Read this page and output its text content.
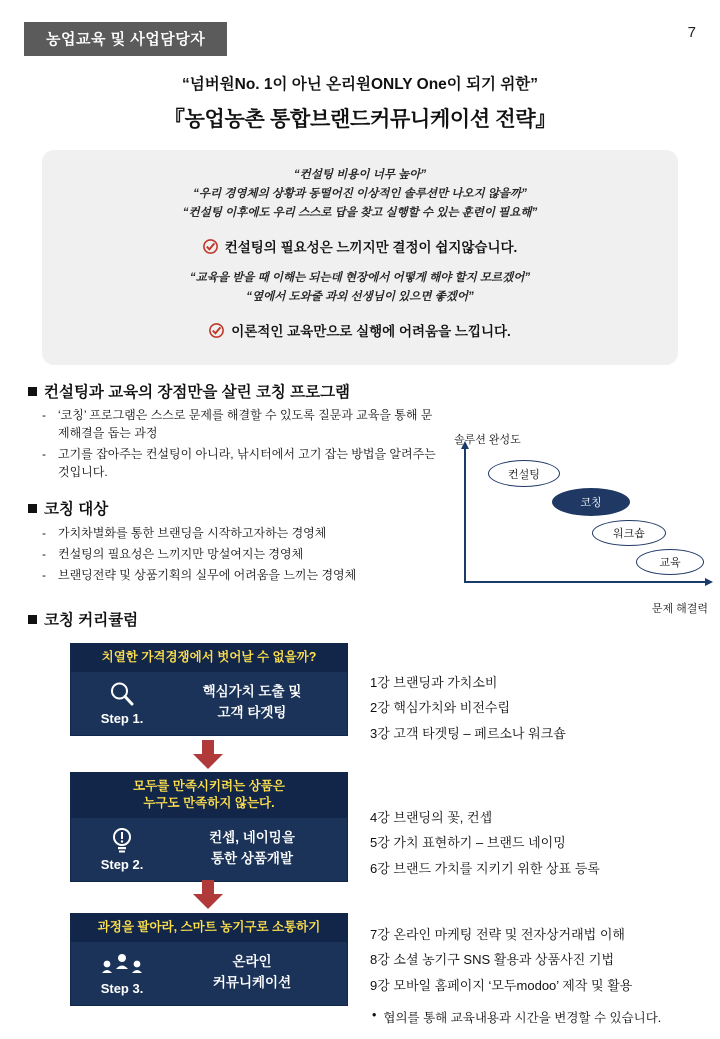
농업교육 및 사업담당자	7
“넘버원No. 1이 아닌 온리원ONLY One이 되기 위한”
『농업농촌 통합브랜드커뮤니케이션 전략』
“컨설팅 비용이 너무 높아”
“우리 경영체의 상황과 동떨어진 이상적인 솔루션만 나오지 않을까”
“컨설팅 이후에도 우리 스스로 답을 찾고 실행할 수 있는 훈련이 필요해”
컨설팅의 필요성은 느끼지만 결정이 쉽지않습니다.
“교육을 받을 때 이해는 되는데 현장에서 어떻게 해야 할지 모르겠어”
“옆에서 도와줄 과외 선생님이 있으면 좋겠어”
이론적인 교육만으로 실행에 어려움을 느낍니다.
컨설팅과 교육의 장점만을 살린 코칭 프로그램
-	‘코칭’ 프로그램은 스스로 문제를 해결할 수 있도록 질문과 교육을 통해 문제해결을 돕는 과정
-	고기를 잡아주는 컨설팅이 아니라, 낚시터에서 고기 잡는 방법을 알려주는 것입니다.
코칭 대상
-	가치차별화를 통한 브랜딩을 시작하고자하는 경영체
-	컨설팅의 필요성은 느끼지만 망설여지는 경영체
-	브랜딩전략 및 상품기획의 실무에 어려움을 느끼는 경영체
코칭 커리큘럼
솔루션 완성도
문제 해결력
컨설팅
코칭
워크숍
교육
치열한 가격경쟁에서 벗어날 수 없을까?
Step 1.
핵심가치 도출 및
고객 타겟팅
모두를 만족시키려는 상품은
누구도 만족하지 않는다.
Step 2.
컨셉, 네이밍을
통한 상품개발
과정을 팔아라, 스마트 농기구로 소통하기
Step 3.
온라인
커뮤니케이션
1강 브랜딩과 가치소비
2강 핵심가치와 비전수립
3강 고객 타겟팅 – 페르소나 워크숍
4강 브랜딩의 꽃, 컨셉
5강 가치 표현하기 – 브랜드 네이밍
6강 브랜드 가치를 지키기 위한 상표 등록
7강 온라인 마케팅 전략 및 전자상거래법 이해
8강 소셜 농기구 SNS 활용과 상품사진 기법
9강 모바일 홈페이지 ‘모두modoo’ 제작 및 활용
• 협의를 통해 교육내용과 시간을 변경할 수 있습니다.
